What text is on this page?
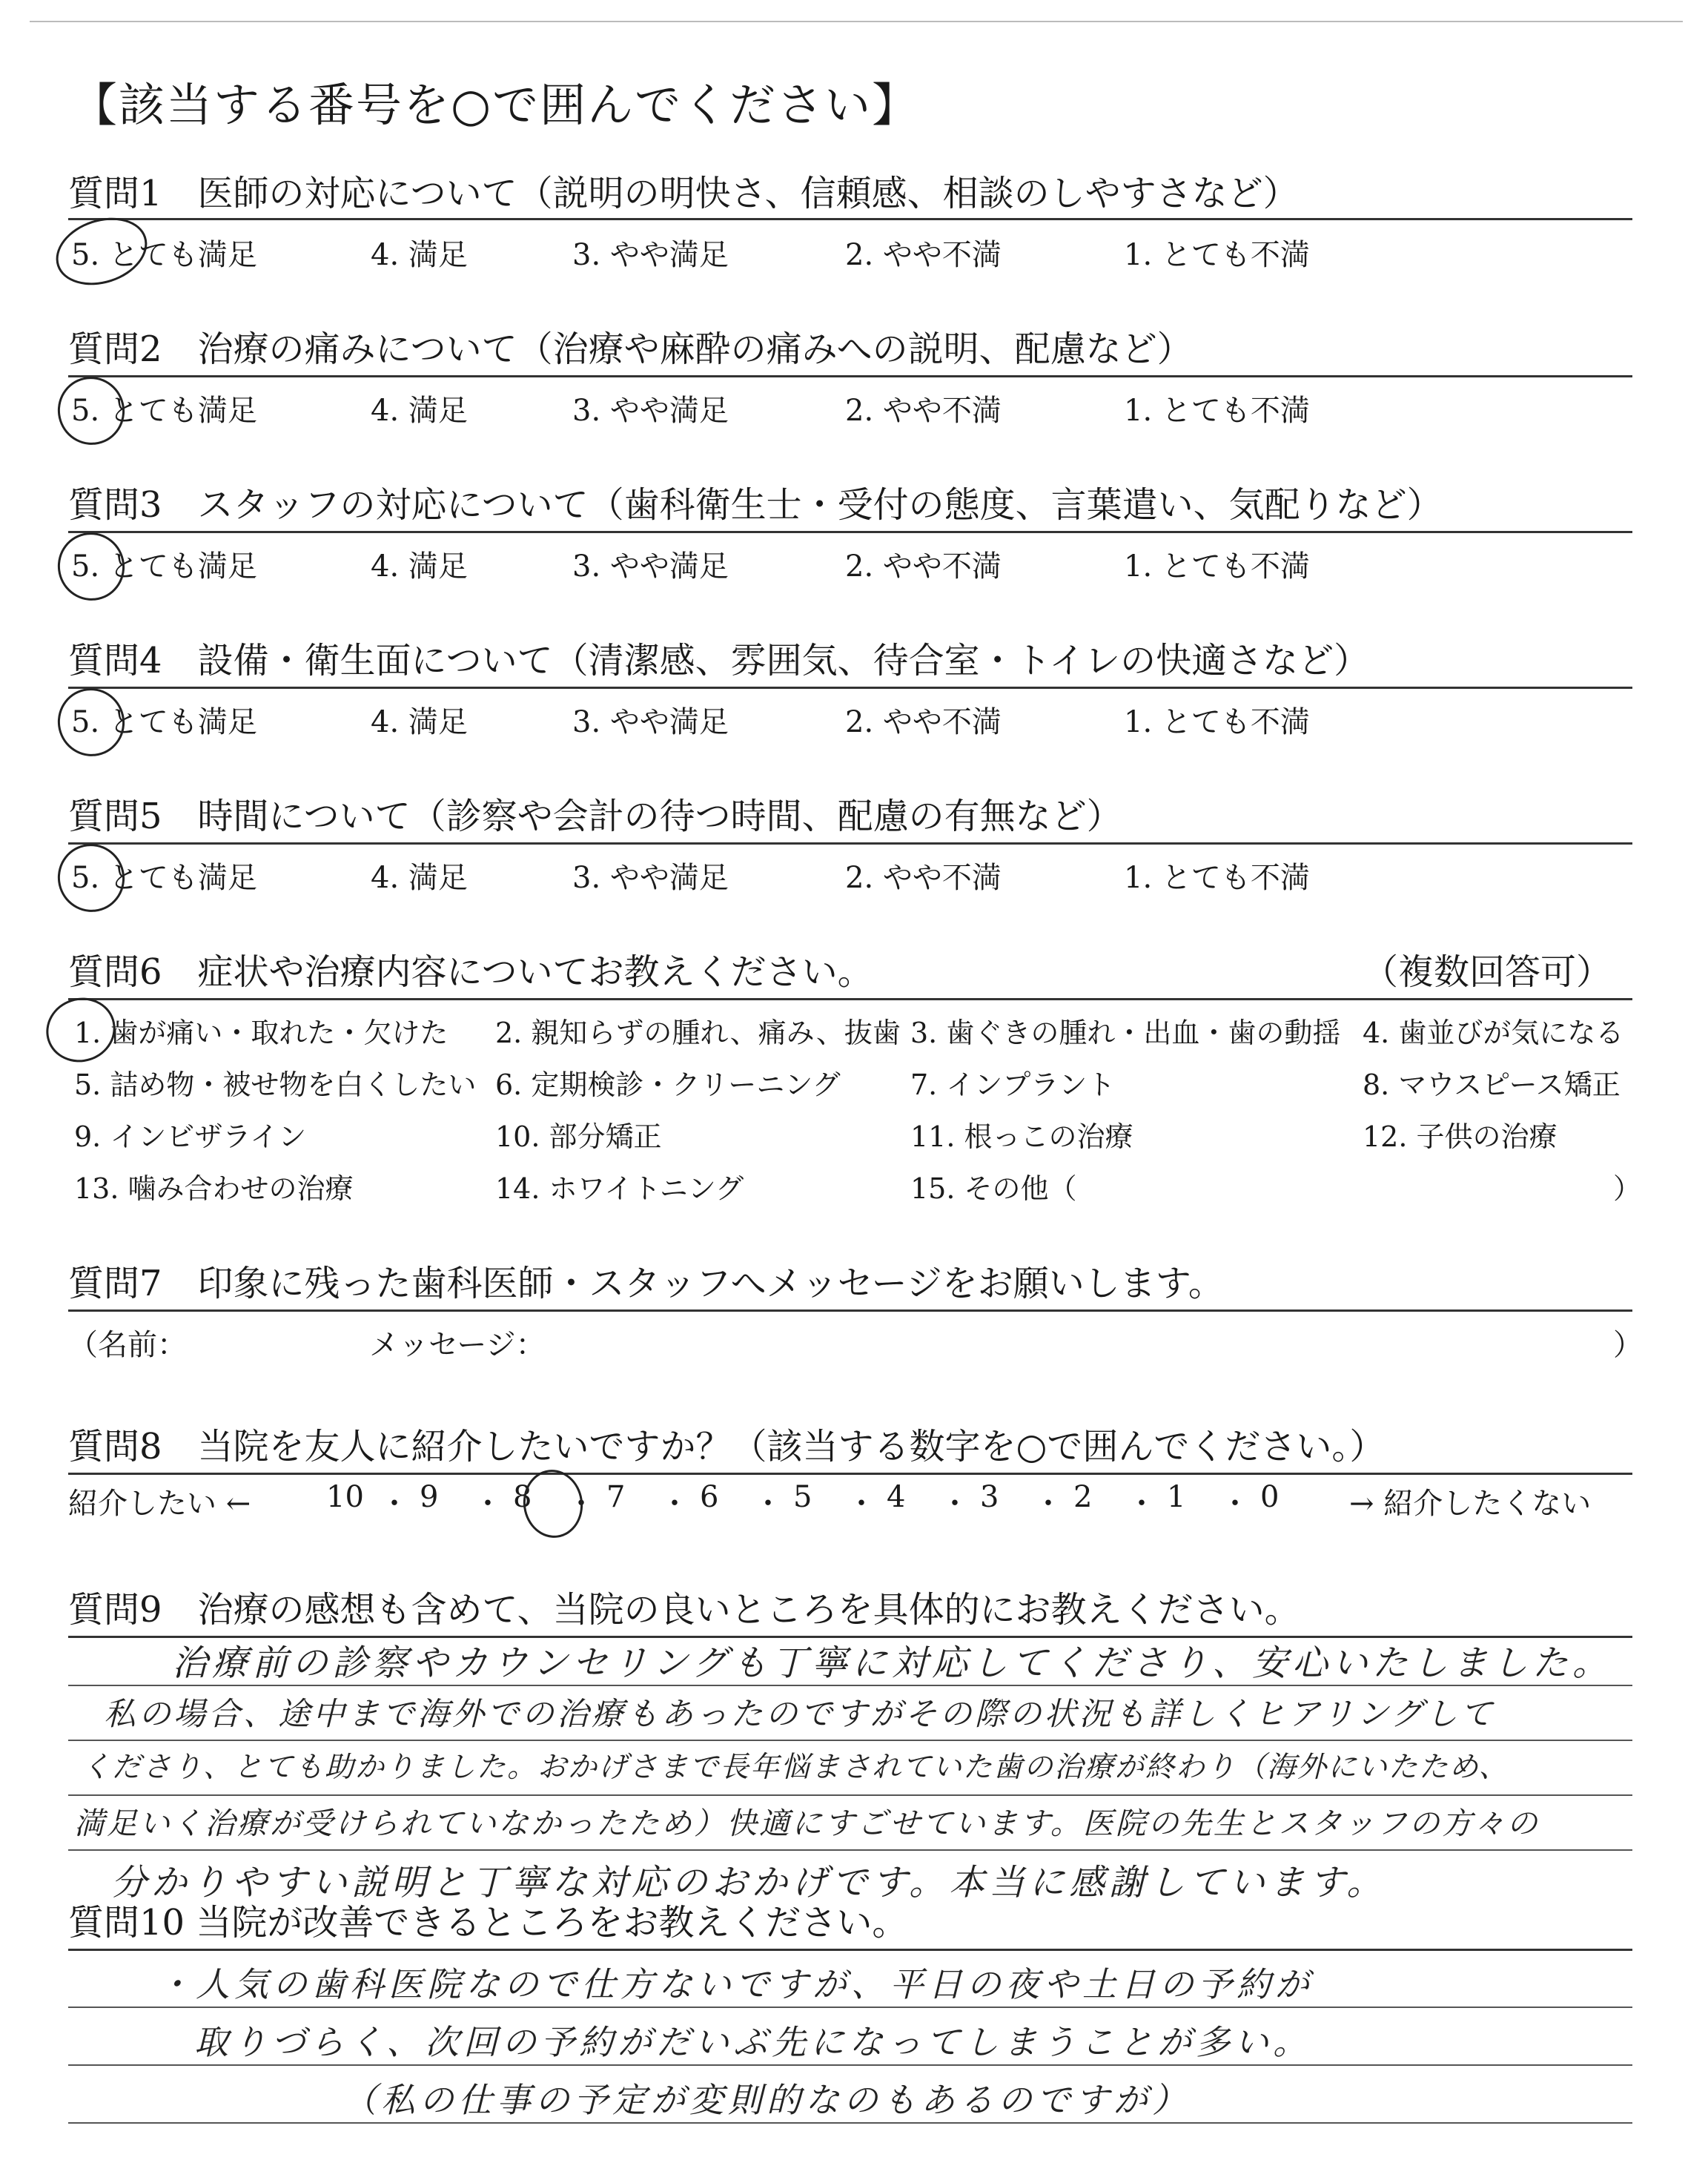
【該当する番号を○で囲んでください】
質問1　医師の対応について（説明の明快さ、信頼感、相談のしやすさなど）
5. とても満足	4. 満足	3. やや満足	2. やや不満	1. とても不満
質問2　治療の痛みについて（治療や麻酔の痛みへの説明、配慮など）
5. とても満足	4. 満足	3. やや満足	2. やや不満	1. とても不満
質問3　スタッフの対応について（歯科衛生士・受付の態度、言葉遣い、気配りなど）
5. とても満足	4. 満足	3. やや満足	2. やや不満	1. とても不満
質問4　設備・衛生面について（清潔感、雰囲気、待合室・トイレの快適さなど）
5. とても満足	4. 満足	3. やや満足	2. やや不満	1. とても不満
質問5　時間について（診察や会計の待つ時間、配慮の有無など）
5. とても満足	4. 満足	3. やや満足	2. やや不満	1. とても不満
質問6　症状や治療内容についてお教えください。	（複数回答可）
1. 歯が痛い・取れた・欠けた 2. 親知らずの腫れ、痛み、抜歯 3. 歯ぐきの腫れ・出血・歯の動揺 4. 歯並びが気になる
5. 詰め物・被せ物を白くしたい 6. 定期検診・クリーニング 7. インプラント	8. マウスピース矯正
9. インビザライン	10. 部分矯正	11. 根っこの治療	12. 子供の治療
13. 噛み合わせの治療	14. ホワイトニング	15. その他（	）
質問7　印象に残った歯科医師・スタッフへメッセージをお願いします。
（名前：	メッセージ：	）
質問8　当院を友人に紹介したいですか？（該当する数字を○で囲んでください。）
紹介したい ←	→ 紹介したくない
10 ・ 9 ・ 8 ・ 7 ・ 6 ・ 5 ・ 4 ・ 3 ・ 2 ・ 1 ・ 0
質問9　治療の感想も含めて、当院の良いところを具体的にお教えください。
治療前の診察やカウンセリングも丁寧に対応してくださり、安心いたしました。
私の場合、途中まで海外での治療もあったのですがその際の状況も詳しくヒアリングして
くださり、とても助かりました。おかげさまで長年悩まされていた歯の治療が終わり（海外にいたため、
満足いく治療が受けられていなかったため）快適にすごせています。医院の先生とスタッフの方々の
分かりやすい説明と丁寧な対応のおかげです。本当に感謝しています。
質問10 当院が改善できるところをお教えください。
・人気の歯科医院なので仕方ないですが、平日の夜や土日の予約が
取りづらく、次回の予約がだいぶ先になってしまうことが多い。
（私の仕事の予定が変則的なのもあるのですが）
